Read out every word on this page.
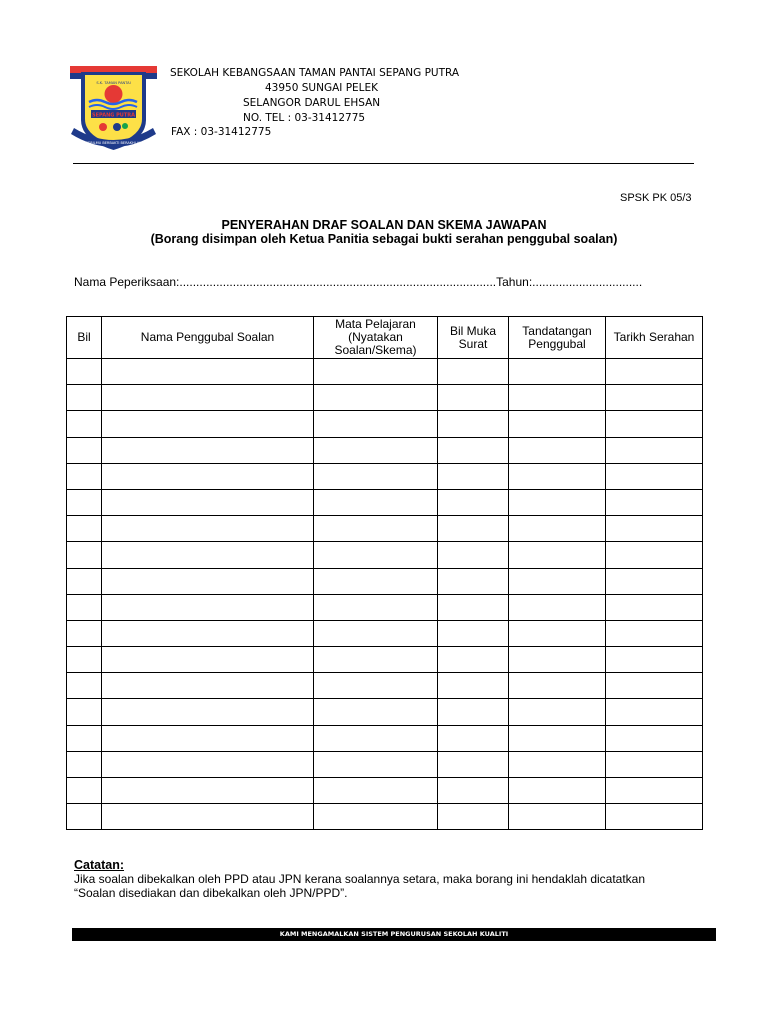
SEPANG PUTRA
S.K. TAMAN PANTAI
BERILMU BERBAKTI BERAKHLAK
SEKOLAH KEBANGSAAN TAMAN PANTAI SEPANG PUTRA
43950 SUNGAI PELEK
SELANGOR DARUL EHSAN
NO. TEL : 03-31412775
FAX : 03-31412775
SPSK PK 05/3
PENYERAHAN DRAF SOALAN DAN SKEMA JAWAPAN
(Borang disimpan oleh Ketua Panitia sebagai bukti serahan penggubal soalan)
Nama Peperiksaan:...............................................................................................Tahun:.................................
Bil	Nama Penggubal Soalan	Mata Pelajaran (Nyatakan Soalan/Skema)	Bil Muka Surat	Tandatangan Penggubal	Tarikh Serahan

Catatan:
Jika soalan dibekalkan oleh PPD atau JPN kerana soalannya setara, maka borang ini hendaklah dicatatkan
“Soalan disediakan dan dibekalkan oleh JPN/PPD”.
KAMI MENGAMALKAN SISTEM PENGURUSAN SEKOLAH KUALITI
